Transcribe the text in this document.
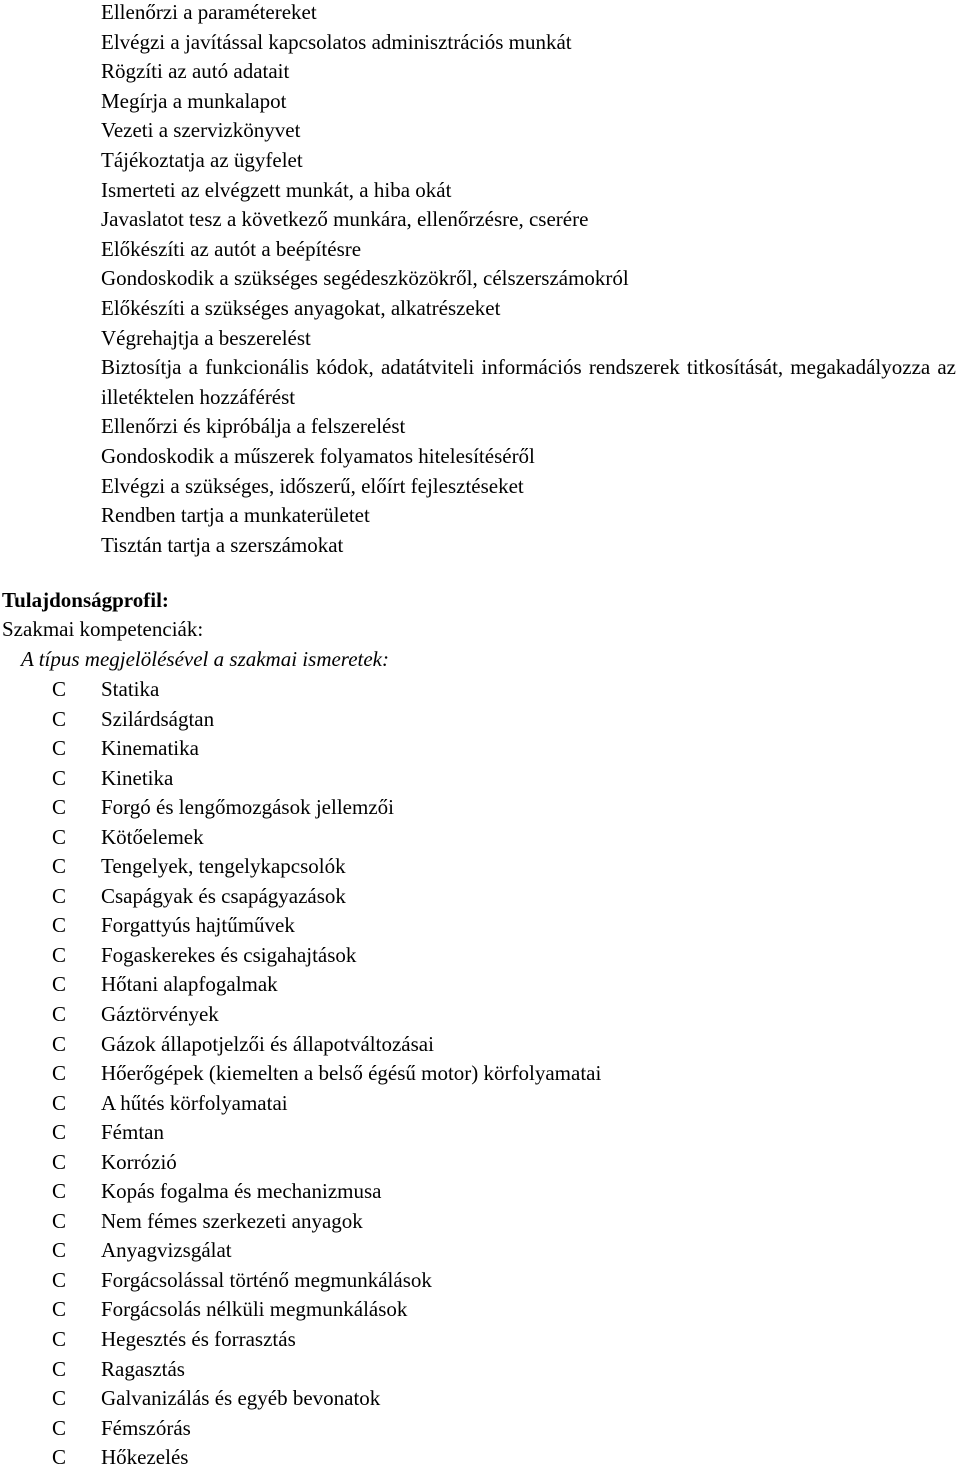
Ellenőrzi a paramétereket
Elvégzi a javítással kapcsolatos adminisztrációs munkát
Rögzíti az autó adatait
Megírja a munkalapot
Vezeti a szervizkönyvet
Tájékoztatja az ügyfelet
Ismerteti az elvégzett munkát, a hiba okát
Javaslatot tesz a következő munkára, ellenőrzésre, cserére
Előkészíti az autót a beépítésre
Gondoskodik a szükséges segédeszközökről, célszerszámokról
Előkészíti a szükséges anyagokat, alkatrészeket
Végrehajtja a beszerelést
Biztosítja a funkcionális kódok, adatátviteli információs rendszerek titkosítását, megakadályozza az illetéktelen hozzáférést
Ellenőrzi és kipróbálja a felszerelést
Gondoskodik a műszerek folyamatos hitelesítéséről
Elvégzi a szükséges, időszerű, előírt fejlesztéseket
Rendben tartja a munkaterületet
Tisztán tartja a szerszámokat
Tulajdonságprofil:

Szakmai kompetenciák:

A típus megjelölésével a szakmai ismeretek:

C Statika
C Szilárdságtan
C Kinematika
C Kinetika
C Forgó és lengőmozgások jellemzői
C Kötőelemek
C Tengelyek, tengelykapcsolók
C Csapágyak és csapágyazások
C Forgattyús hajtűművek
C Fogaskerekes és csigahajtások
C Hőtani alapfogalmak
C Gáztörvények
C Gázok állapotjelzői és állapotváltozásai
C Hőerőgépek (kiemelten a belső égésű motor) körfolyamatai
C A hűtés körfolyamatai
C Fémtan
C Korrózió
C Kopás fogalma és mechanizmusa
C Nem fémes szerkezeti anyagok
C Anyagvizsgálat
C Forgácsolással történő megmunkálások
C Forgácsolás nélküli megmunkálások
C Hegesztés és forrasztás
C Ragasztás
C Galvanizálás és egyéb bevonatok
C Fémszórás
C Hőkezelés
